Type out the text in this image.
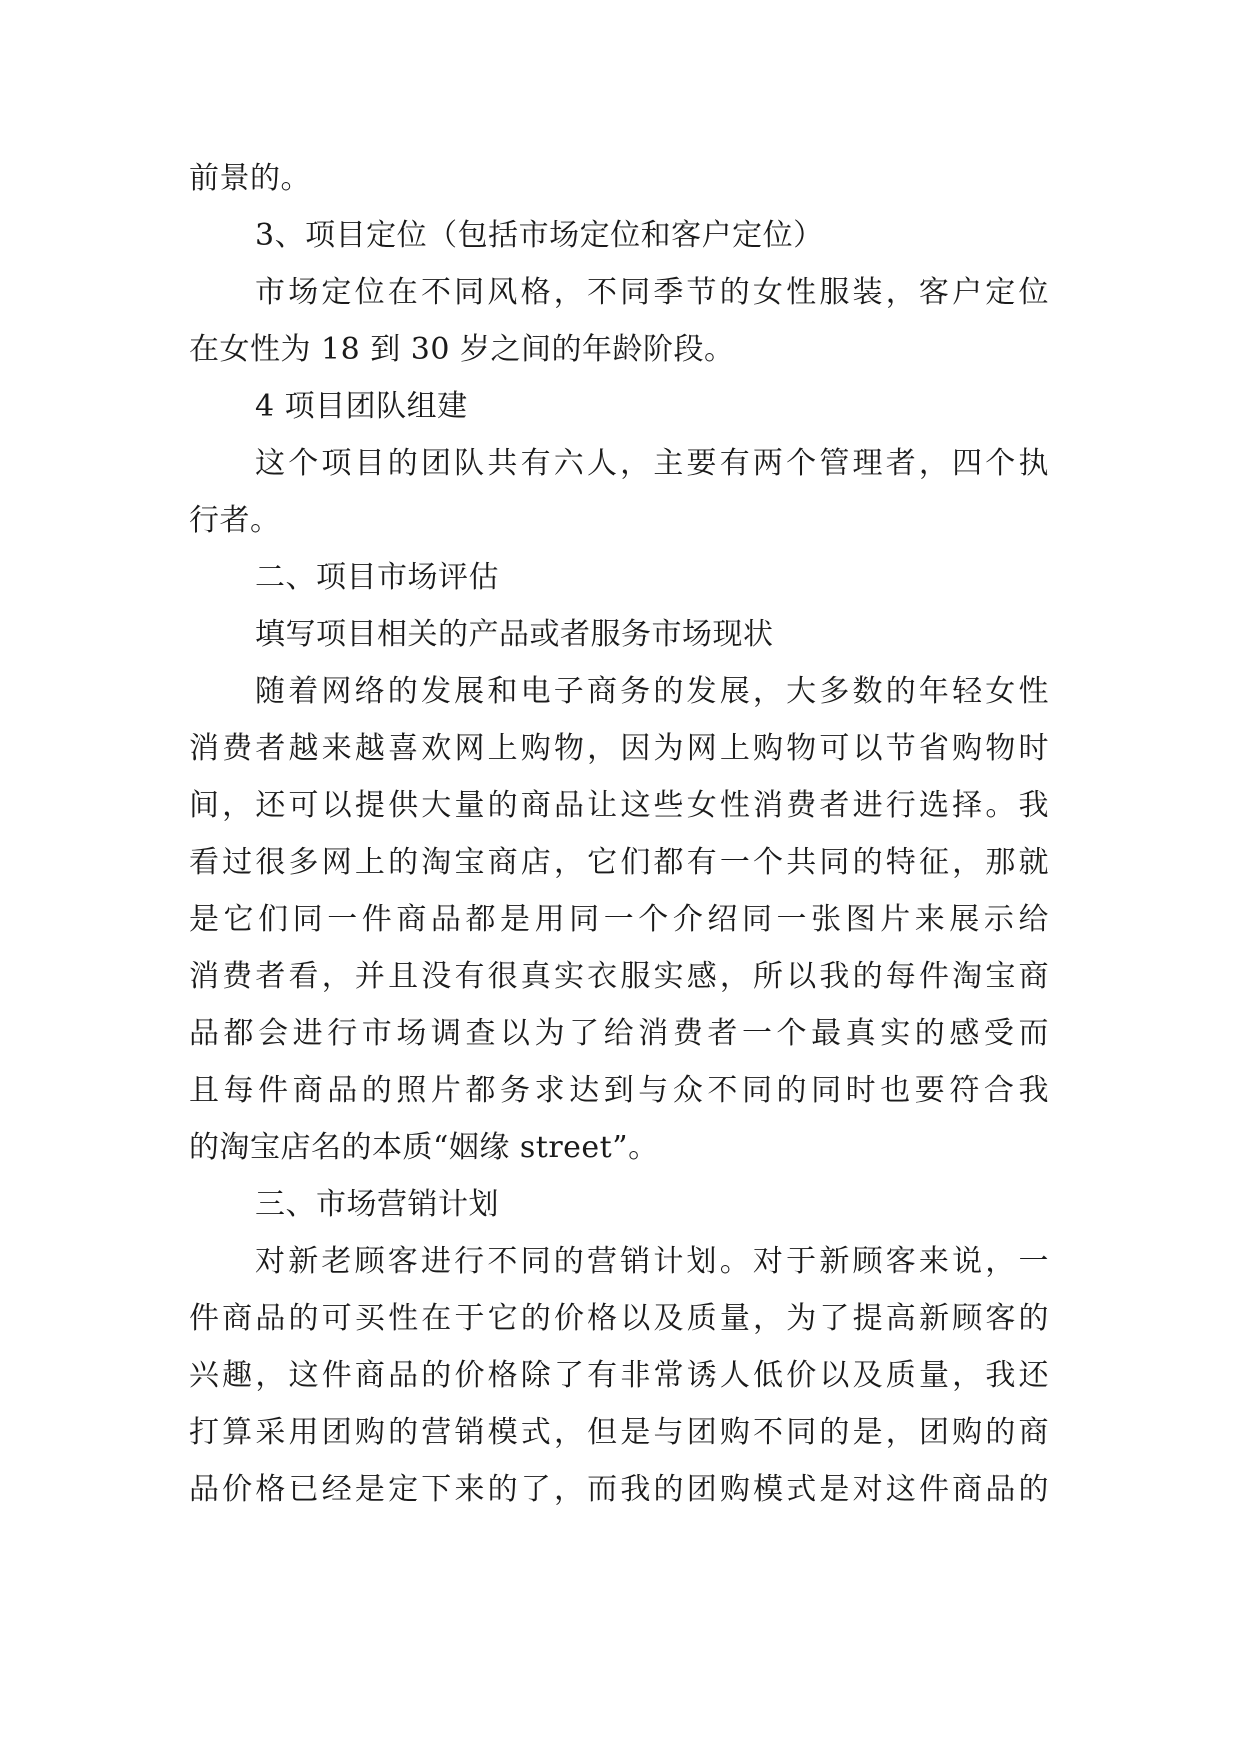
前景的。
3、项目定位（包括市场定位和客户定位）
市场定位在不同风格，不同季节的女性服装，客户定位
在女性为 18 到 30 岁之间的年龄阶段。
4 项目团队组建
这个项目的团队共有六人，主要有两个管理者，四个执
行者。
二、项目市场评估
填写项目相关的产品或者服务市场现状
随着网络的发展和电子商务的发展，大多数的年轻女性
消费者越来越喜欢网上购物，因为网上购物可以节省购物时
间，还可以提供大量的商品让这些女性消费者进行选择。我
看过很多网上的淘宝商店，它们都有一个共同的特征，那就
是它们同一件商品都是用同一个介绍同一张图片来展示给
消费者看，并且没有很真实衣服实感，所以我的每件淘宝商
品都会进行市场调查以为了给消费者一个最真实的感受而
且每件商品的照片都务求达到与众不同的同时也要符合我
的淘宝店名的本质“姻缘 street”。
三、市场营销计划
对新老顾客进行不同的营销计划。对于新顾客来说，一
件商品的可买性在于它的价格以及质量，为了提高新顾客的
兴趣，这件商品的价格除了有非常诱人低价以及质量，我还
打算采用团购的营销模式，但是与团购不同的是，团购的商
品价格已经是定下来的了，而我的团购模式是对这件商品的
